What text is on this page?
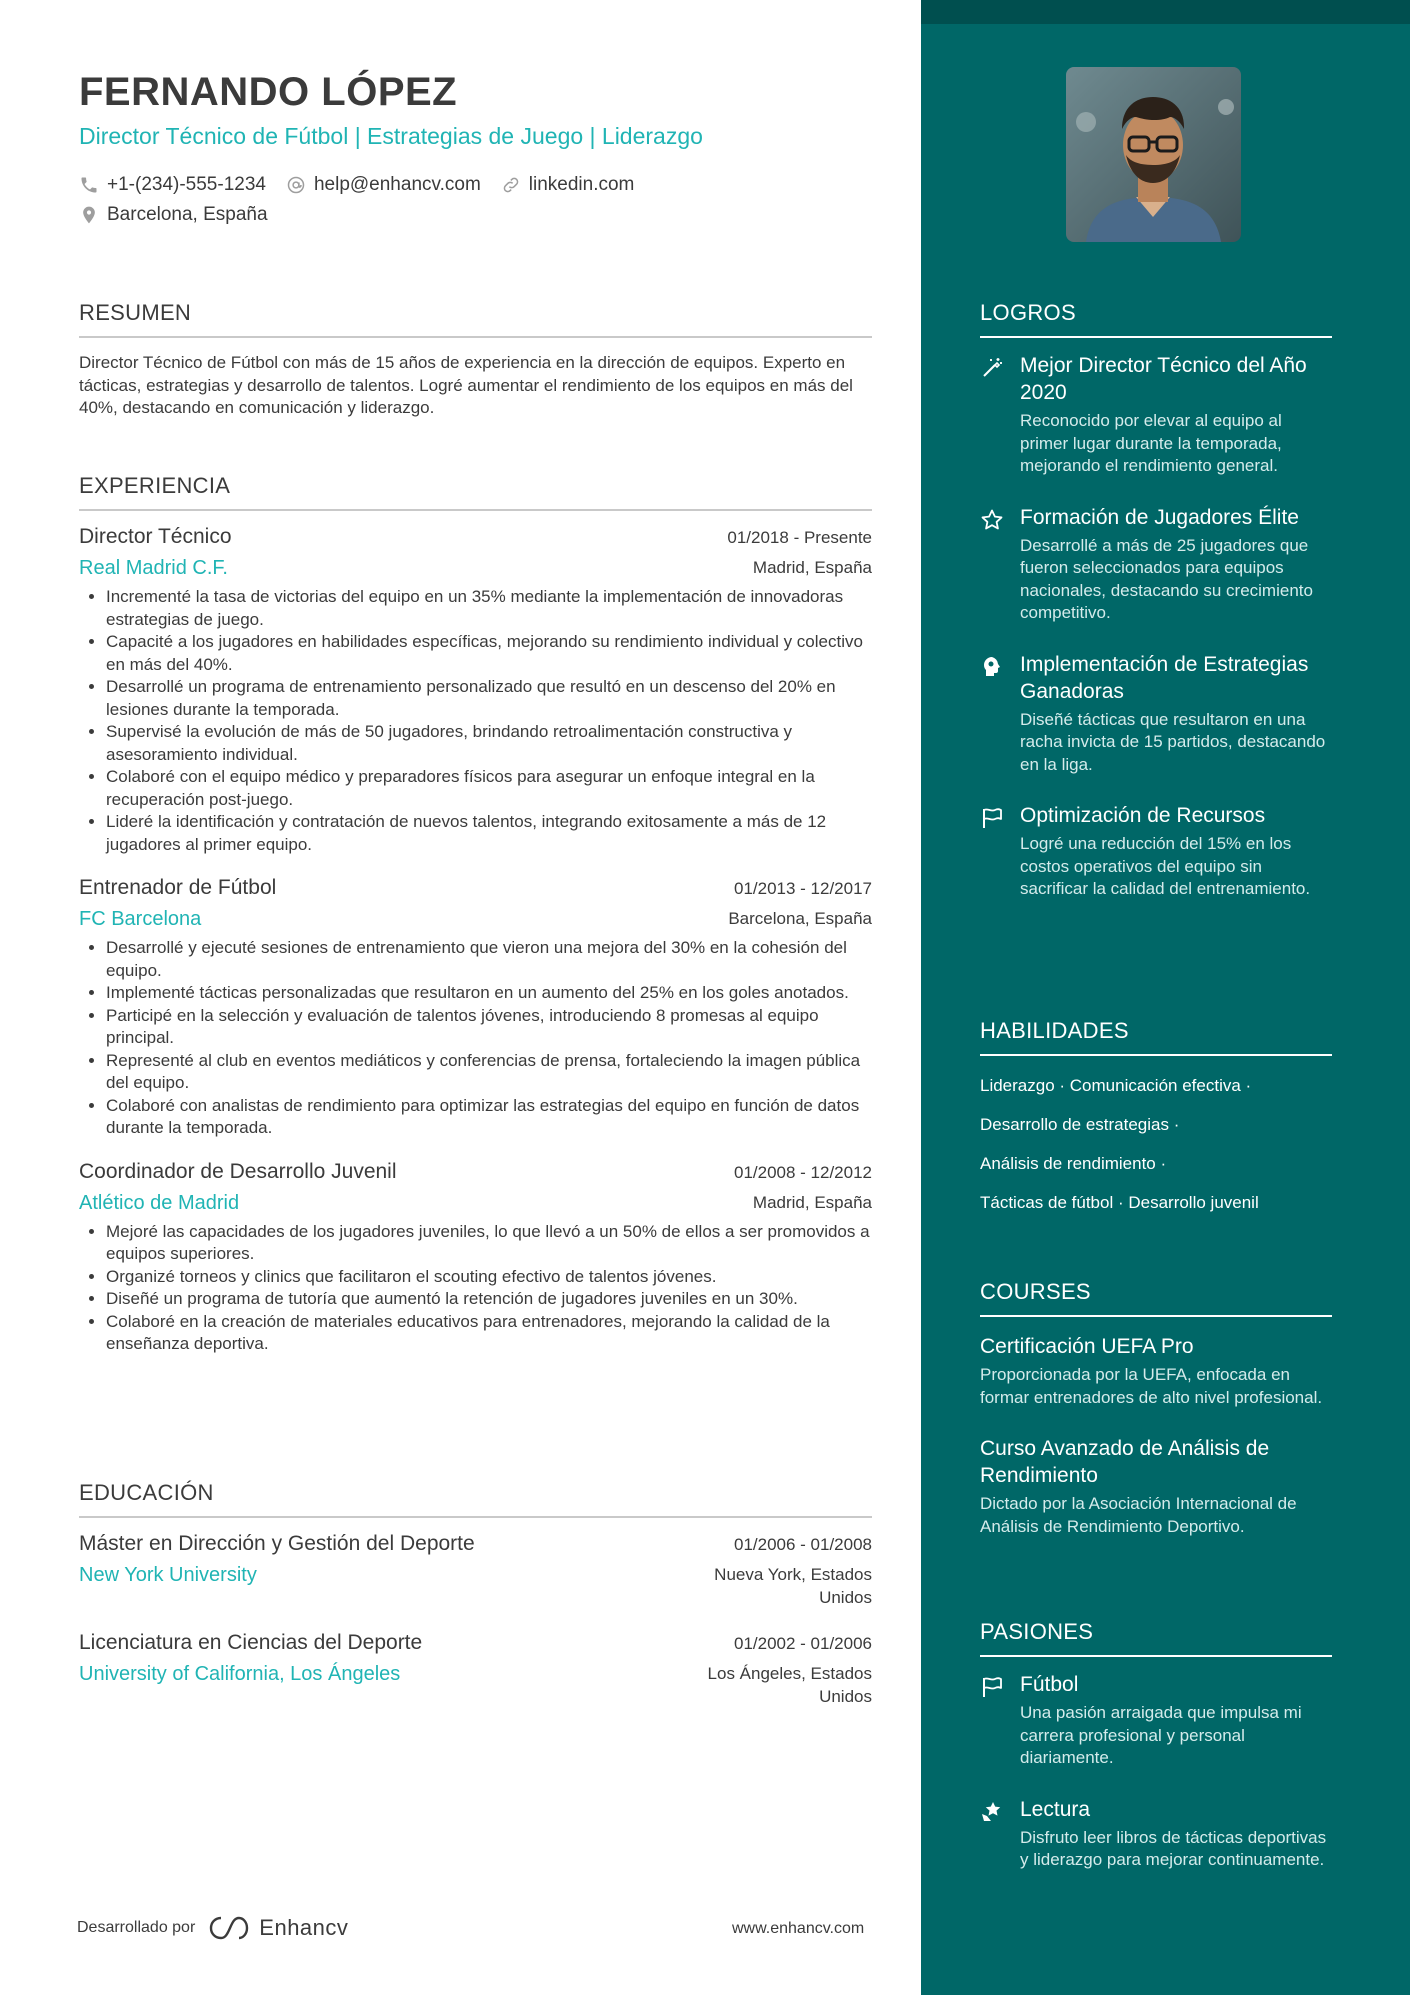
FERNANDO LÓPEZ
Director Técnico de Fútbol | Estrategias de Juego | Liderazgo
+1-(234)-555-1234	help@enhancv.com	linkedin.com
Barcelona, España
RESUMEN
Director Técnico de Fútbol con más de 15 años de experiencia en la dirección de equipos. Experto en tácticas, estrategias y desarrollo de talentos. Logré aumentar el rendimiento de los equipos en más del 40%, destacando en comunicación y liderazgo.
EXPERIENCIA
Director Técnico	01/2018 - Presente
Real Madrid C.F.	Madrid, España
• Incrementé la tasa de victorias del equipo en un 35% mediante la implementación de innovadoras estrategias de juego.
• Capacité a los jugadores en habilidades específicas, mejorando su rendimiento individual y colectivo en más del 40%.
• Desarrollé un programa de entrenamiento personalizado que resultó en un descenso del 20% en lesiones durante la temporada.
• Supervisé la evolución de más de 50 jugadores, brindando retroalimentación constructiva y asesoramiento individual.
• Colaboré con el equipo médico y preparadores físicos para asegurar un enfoque integral en la recuperación post-juego.
• Lideré la identificación y contratación de nuevos talentos, integrando exitosamente a más de 12 jugadores al primer equipo.
Entrenador de Fútbol	01/2013 - 12/2017
FC Barcelona	Barcelona, España
• Desarrollé y ejecuté sesiones de entrenamiento que vieron una mejora del 30% en la cohesión del equipo.
• Implementé tácticas personalizadas que resultaron en un aumento del 25% en los goles anotados.
• Participé en la selección y evaluación de talentos jóvenes, introduciendo 8 promesas al equipo principal.
• Representé al club en eventos mediáticos y conferencias de prensa, fortaleciendo la imagen pública del equipo.
• Colaboré con analistas de rendimiento para optimizar las estrategias del equipo en función de datos durante la temporada.
Coordinador de Desarrollo Juvenil	01/2008 - 12/2012
Atlético de Madrid	Madrid, España
• Mejoré las capacidades de los jugadores juveniles, lo que llevó a un 50% de ellos a ser promovidos a equipos superiores.
• Organizé torneos y clinics que facilitaron el scouting efectivo de talentos jóvenes.
• Diseñé un programa de tutoría que aumentó la retención de jugadores juveniles en un 30%.
• Colaboré en la creación de materiales educativos para entrenadores, mejorando la calidad de la enseñanza deportiva.
EDUCACIÓN
Máster en Dirección y Gestión del Deporte	01/2006 - 01/2008
New York University	Nueva York, Estados
Unidos
Licenciatura en Ciencias del Deporte	01/2002 - 01/2006
University of California, Los Ángeles	Los Ángeles, Estados
Unidos
Desarrollado por	Enhancv	www.enhancv.com
LOGROS
Mejor Director Técnico del Año 2020
Reconocido por elevar al equipo al primer lugar durante la temporada, mejorando el rendimiento general.
Formación de Jugadores Élite
Desarrollé a más de 25 jugadores que fueron seleccionados para equipos nacionales, destacando su crecimiento competitivo.
Implementación de Estrategias Ganadoras
Diseñé tácticas que resultaron en una racha invicta de 15 partidos, destacando en la liga.
Optimización de Recursos
Logré una reducción del 15% en los costos operativos del equipo sin sacrificar la calidad del entrenamiento.
HABILIDADES
Liderazgo · Comunicación efectiva ·
Desarrollo de estrategias ·
Análisis de rendimiento ·
Tácticas de fútbol · Desarrollo juvenil
COURSES
Certificación UEFA Pro
Proporcionada por la UEFA, enfocada en formar entrenadores de alto nivel profesional.
Curso Avanzado de Análisis de Rendimiento
Dictado por la Asociación Internacional de Análisis de Rendimiento Deportivo.
PASIONES
Fútbol
Una pasión arraigada que impulsa mi carrera profesional y personal diariamente.
Lectura
Disfruto leer libros de tácticas deportivas y liderazgo para mejorar continuamente.
